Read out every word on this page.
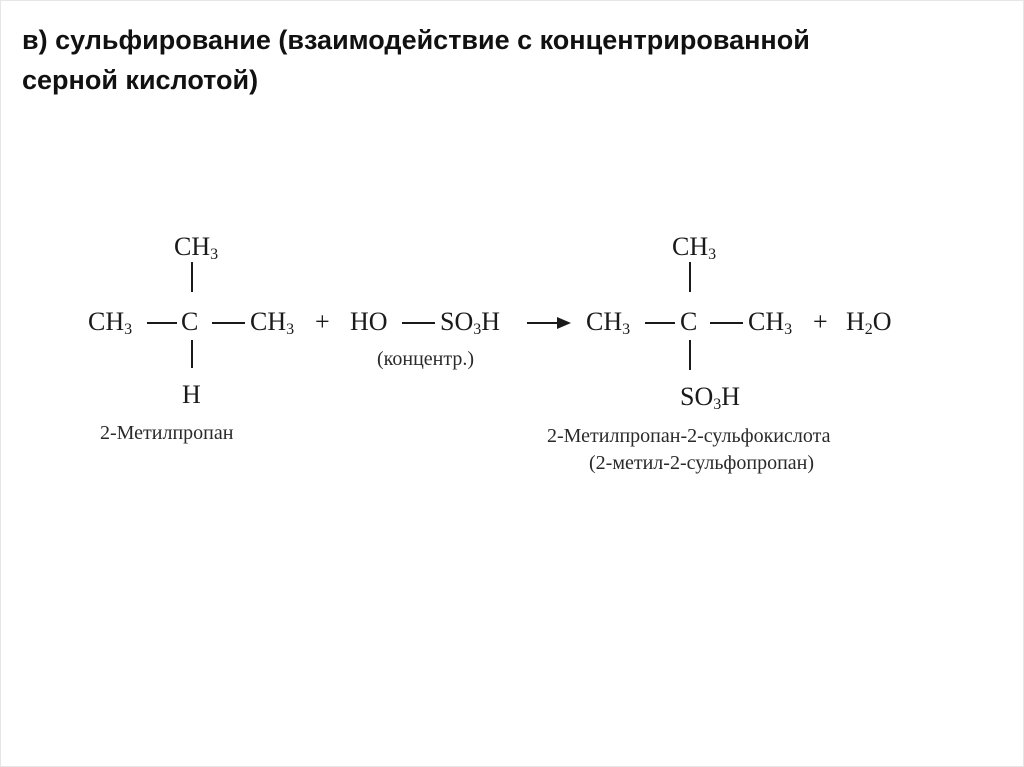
в) сульфирование (взаимодействие с концентрированной
серной кислотой)
$CH_3$
$CH_3$ C $CH_3$
H
2-Метилпропан
+ HO $SO_3H$
(концентр.)
$CH_3$
$CH_3$ C $CH_3$
$SO_3H$
2-Метилпропан-2-сульфокислота
(2-метил-2-сульфопропан)
+ $H_2O$
